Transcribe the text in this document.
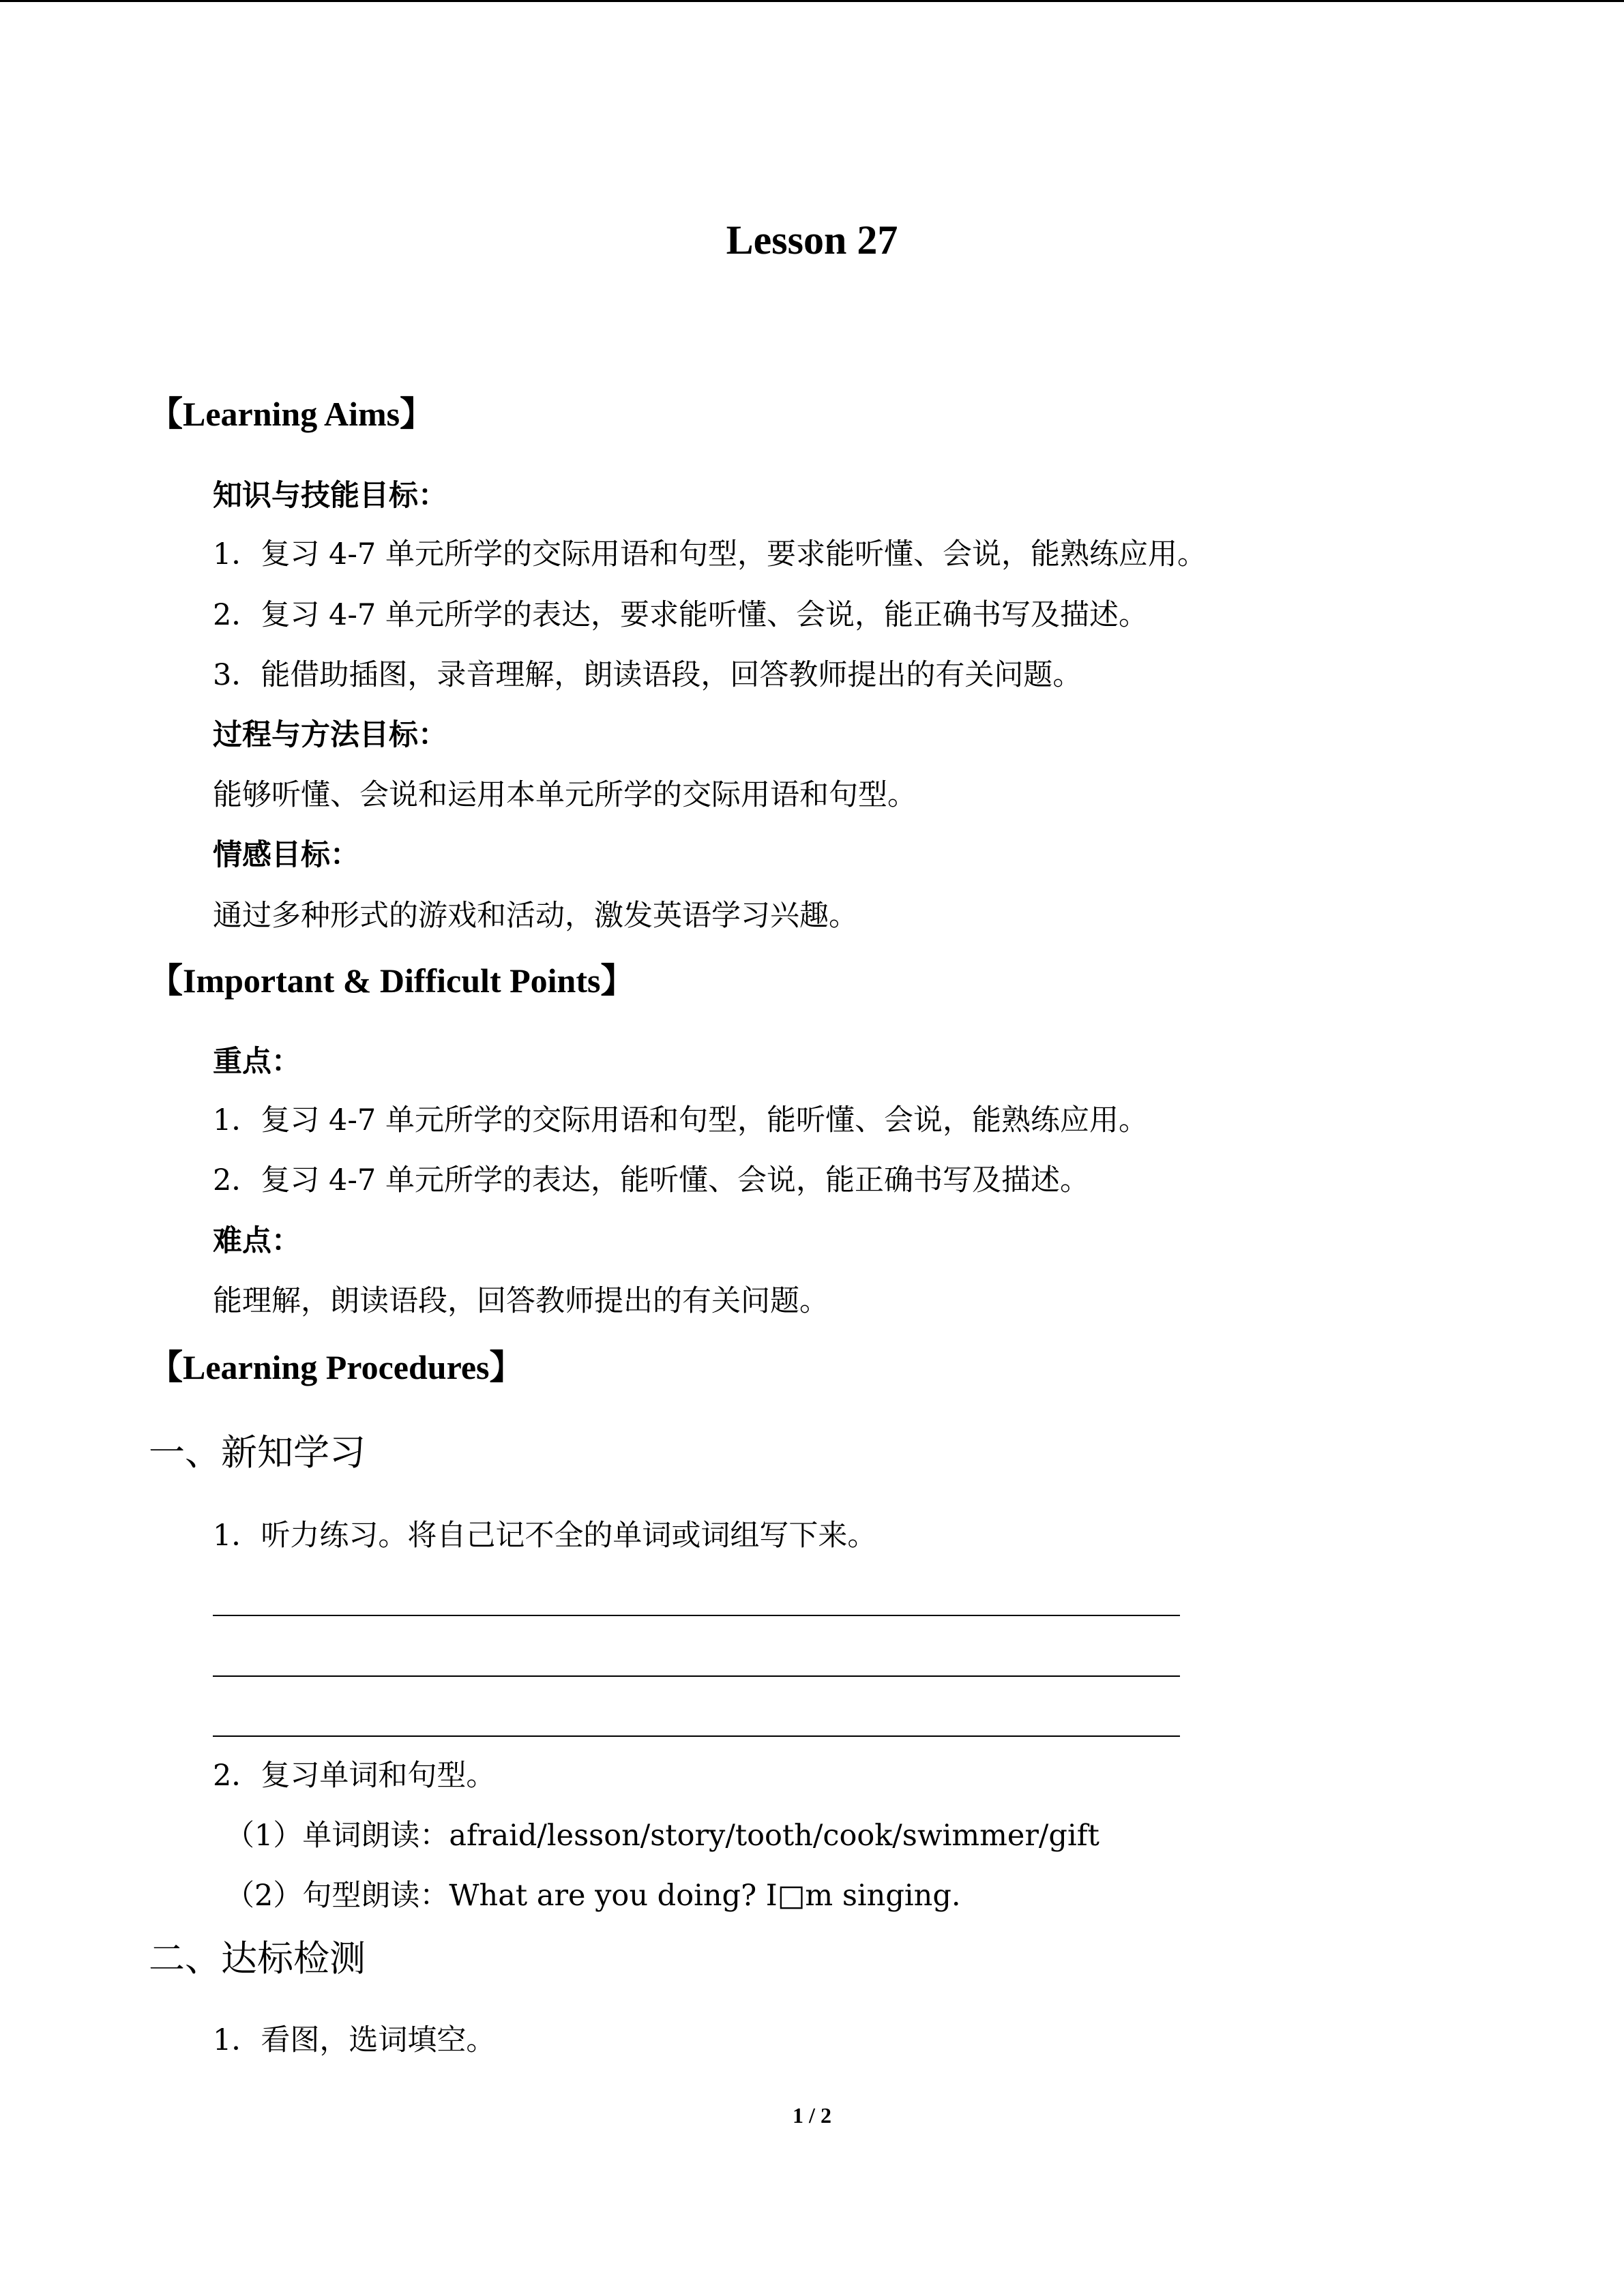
Lesson 27
【Learning Aims】
知识与技能目标：
1．复习 4-7 单元所学的交际用语和句型，要求能听懂、会说，能熟练应用。
2．复习 4-7 单元所学的表达，要求能听懂、会说，能正确书写及描述。
3．能借助插图，录音理解，朗读语段，回答教师提出的有关问题。
过程与方法目标：
能够听懂、会说和运用本单元所学的交际用语和句型。
情感目标：
通过多种形式的游戏和活动，激发英语学习兴趣。
【Important & Difficult Points】
重点：
1．复习 4-7 单元所学的交际用语和句型，能听懂、会说，能熟练应用。
2．复习 4-7 单元所学的表达，能听懂、会说，能正确书写及描述。
难点：
能理解，朗读语段，回答教师提出的有关问题。
【Learning Procedures】
一、新知学习
1．听力练习。将自己记不全的单词或词组写下来。
2．复习单词和句型。
（1）单词朗读：afraid/lesson/story/tooth/cook/swimmer/gift
（2）句型朗读：What are you doing? I□m singing.
二、达标检测
1．看图，选词填空。
1 / 2
